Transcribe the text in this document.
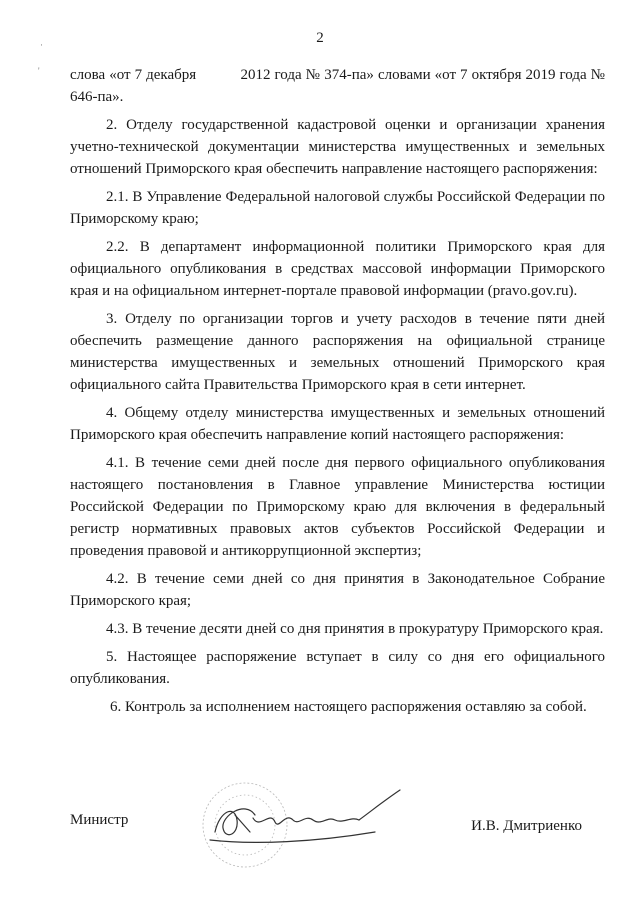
·
'
2

слова «от 7 декабря           2012 года № 374-па» словами «от 7 октября 2019 года № 646-па».

2. Отделу государственной кадастровой оценки и организации хранения учетно-технической документации министерства имущественных и земельных отношений Приморского края обеспечить направление настоящего распоряжения:

2.1. В Управление Федеральной налоговой службы Российской Федерации по Приморскому краю;

2.2. В департамент информационной политики Приморского края для официального опубликования в средствах массовой информации Приморского края и на официальном интернет-портале правовой информации (pravo.gov.ru).

3. Отделу по организации торгов и учету расходов в течение пяти дней обеспечить размещение данного распоряжения на официальной странице министерства имущественных и земельных отношений Приморского края официального сайта Правительства Приморского края в сети интернет.

4. Общему отделу министерства имущественных и земельных отношений Приморского края обеспечить направление копий настоящего распоряжения:

4.1. В течение семи дней после дня первого официального опубликования настоящего постановления в Главное управление Министерства юстиции Российской Федерации по Приморскому краю для включения в федеральный регистр нормативных правовых актов субъектов Российской Федерации и проведения правовой и антикоррупционной экспертиз;

4.2. В течение семи дней со дня принятия в Законодательное Собрание Приморского края;

4.3. В течение десяти дней со дня принятия в прокуратуру Приморского края.

5. Настоящее распоряжение вступает в силу со дня его официального опубликования.

6. Контроль за исполнением настоящего распоряжения оставляю за собой.

Министр	И.В. Дмитриенко
